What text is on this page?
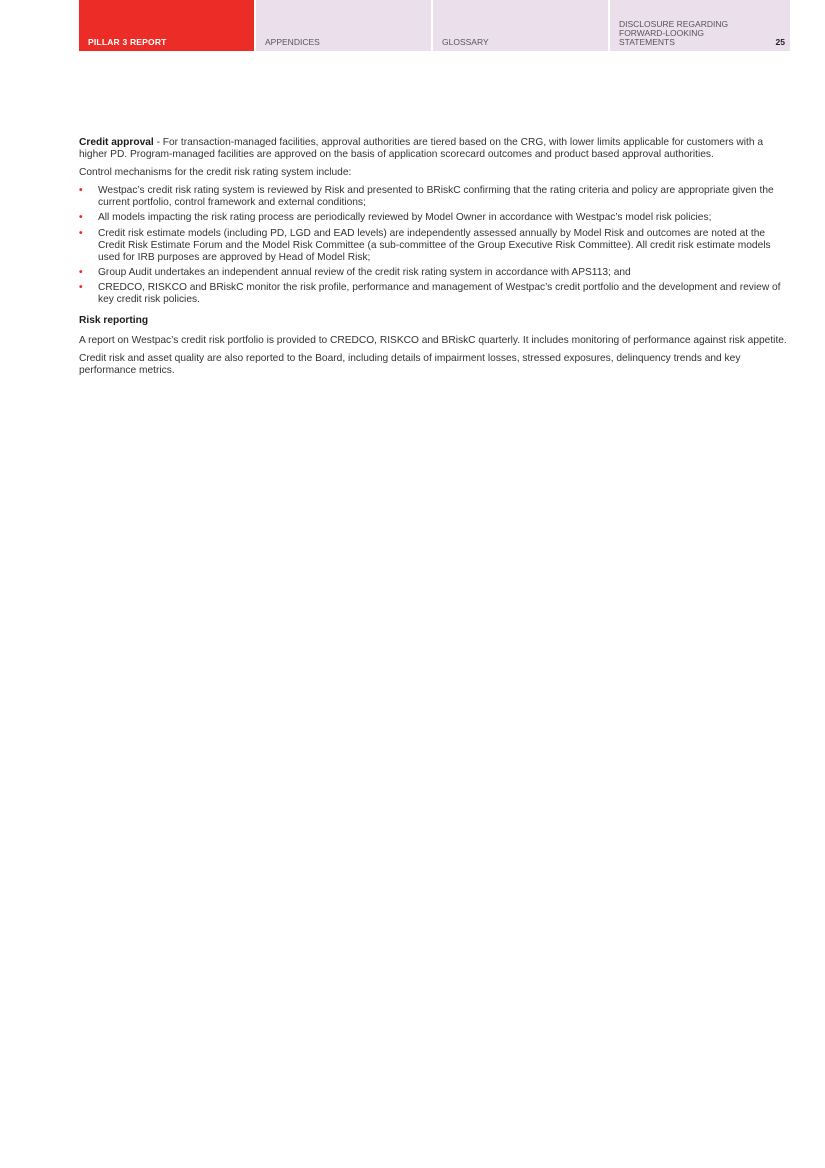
PILLAR 3 REPORT	APPENDICES	GLOSSARY
DISCLOSURE REGARDING FORWARD-LOOKING STATEMENTS	25

Credit approval - For transaction-managed facilities, approval authorities are tiered based on the CRG, with lower limits applicable for customers with a higher PD. Program-managed facilities are approved on the basis of application scorecard outcomes and product based approval authorities.

Control mechanisms for the credit risk rating system include:

• Westpac’s credit risk rating system is reviewed by Risk and presented to BRiskC confirming that the rating criteria and policy are appropriate given the current portfolio, control framework and external conditions;
• All models impacting the risk rating process are periodically reviewed by Model Owner in accordance with Westpac’s model risk policies;
• Credit risk estimate models (including PD, LGD and EAD levels) are independently assessed annually by Model Risk and outcomes are noted at the Credit Risk Estimate Forum and the Model Risk Committee (a sub-committee of the Group Executive Risk Committee). All credit risk estimate models used for IRB purposes are approved by Head of Model Risk;
• Group Audit undertakes an independent annual review of the credit risk rating system in accordance with APS113; and
• CREDCO, RISKCO and BRiskC monitor the risk profile, performance and management of Westpac’s credit portfolio and the development and review of key credit risk policies.
Risk reporting

A report on Westpac’s credit risk portfolio is provided to CREDCO, RISKCO and BRiskC quarterly. It includes monitoring of performance against risk appetite.

Credit risk and asset quality are also reported to the Board, including details of impairment losses, stressed exposures, delinquency trends and key performance metrics.
